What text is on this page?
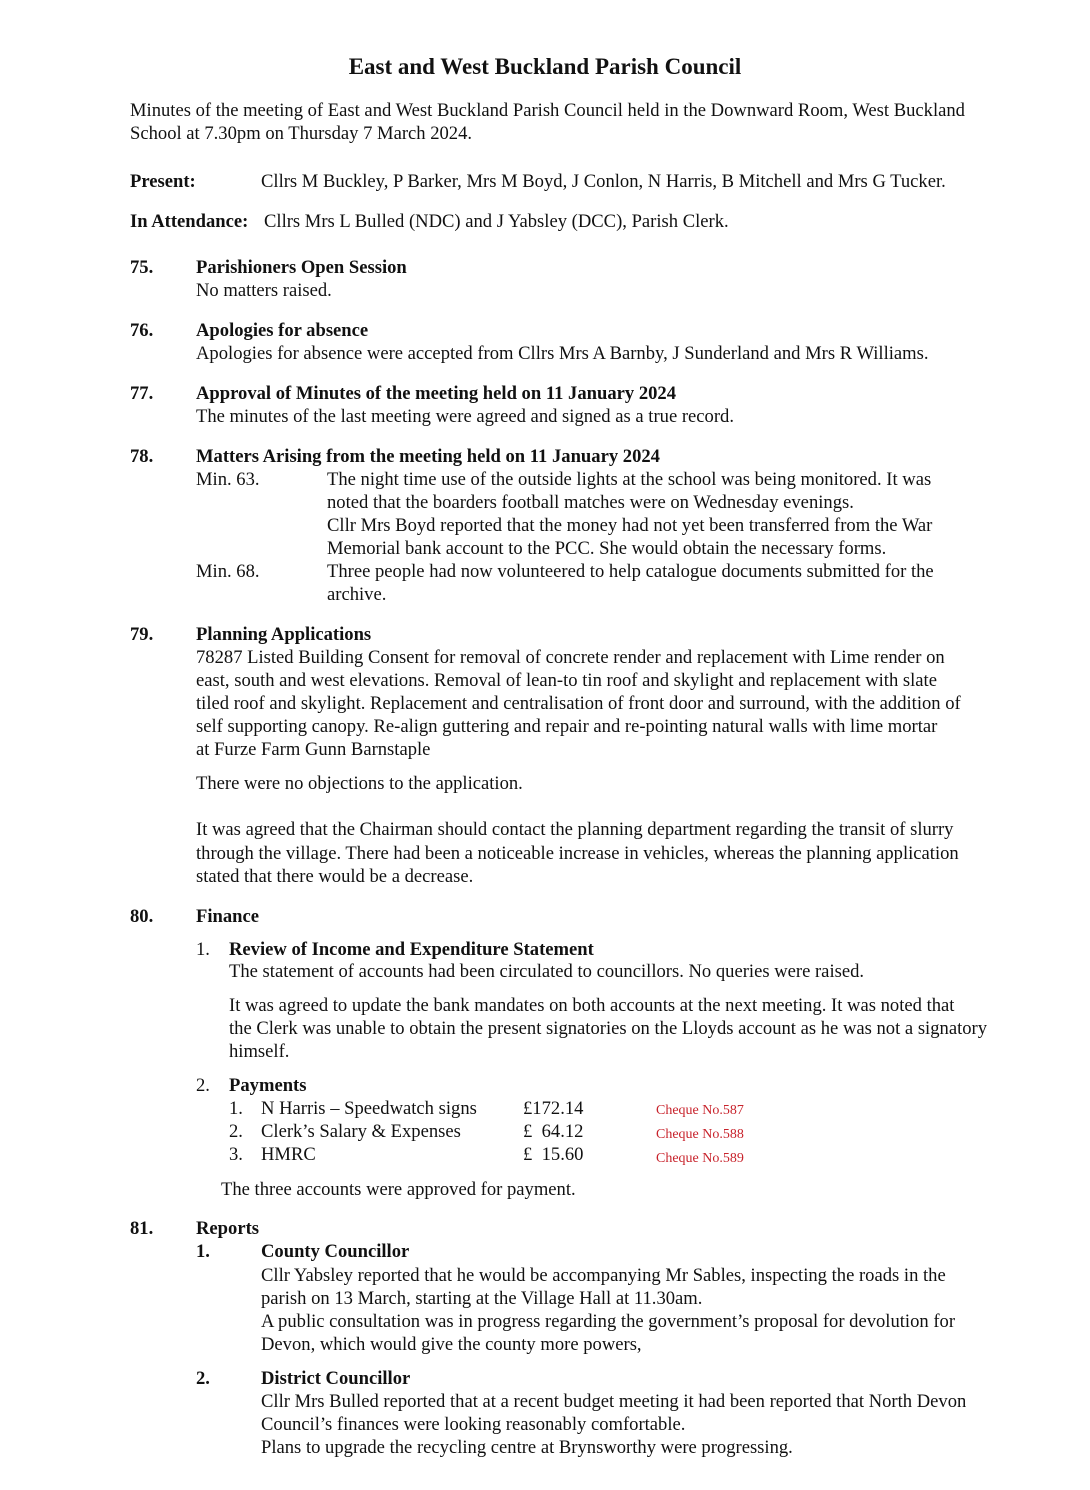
East and West Buckland Parish Council
Minutes of the meeting of East and West Buckland Parish Council held in the Downward Room, West Buckland
School at 7.30pm on Thursday 7 March 2024.
Present:	Cllrs M Buckley, P Barker, Mrs M Boyd, J Conlon, N Harris, B Mitchell and Mrs G Tucker.
In Attendance: Cllrs Mrs L Bulled (NDC) and J Yabsley (DCC), Parish Clerk.
75. Parishioners Open Session
No matters raised.
76. Apologies for absence
Apologies for absence were accepted from Cllrs Mrs A Barnby, J Sunderland and Mrs R Williams.
77. Approval of Minutes of the meeting held on 11 January 2024
The minutes of the last meeting were agreed and signed as a true record.
78. Matters Arising from the meeting held on 11 January 2024
Min. 63.	The night time use of the outside lights at the school was being monitored. It was
noted that the boarders football matches were on Wednesday evenings.
Cllr Mrs Boyd reported that the money had not yet been transferred from the War
Memorial bank account to the PCC. She would obtain the necessary forms.
Min. 68.	Three people had now volunteered to help catalogue documents submitted for the
archive.
79. Planning Applications
78287 Listed Building Consent for removal of concrete render and replacement with Lime render on
east, south and west elevations. Removal of lean-to tin roof and skylight and replacement with slate
tiled roof and skylight. Replacement and centralisation of front door and surround, with the addition of
self supporting canopy. Re-align guttering and repair and re-pointing natural walls with lime mortar
at Furze Farm Gunn Barnstaple
There were no objections to the application.
It was agreed that the Chairman should contact the planning department regarding the transit of slurry
through the village. There had been a noticeable increase in vehicles, whereas the planning application
stated that there would be a decrease.
80. Finance
1. Review of Income and Expenditure Statement
The statement of accounts had been circulated to councillors. No queries were raised.
It was agreed to update the bank mandates on both accounts at the next meeting. It was noted that
the Clerk was unable to obtain the present signatories on the Lloyds account as he was not a signatory
himself.
2. Payments
1. N Harris – Speedwatch signs £172.14	Cheque No.587
2. Clerk’s Salary & Expenses	£  64.12	Cheque No.588
3. HMRC	£  15.60	Cheque No.589
The three accounts were approved for payment.
81. Reports
1.	County Councillor
Cllr Yabsley reported that he would be accompanying Mr Sables, inspecting the roads in the
parish on 13 March, starting at the Village Hall at 11.30am.
A public consultation was in progress regarding the government’s proposal for devolution for
Devon, which would give the county more powers,
2.	District Councillor
Cllr Mrs Bulled reported that at a recent budget meeting it had been reported that North Devon
Council’s finances were looking reasonably comfortable.
Plans to upgrade the recycling centre at Brynsworthy were progressing.
